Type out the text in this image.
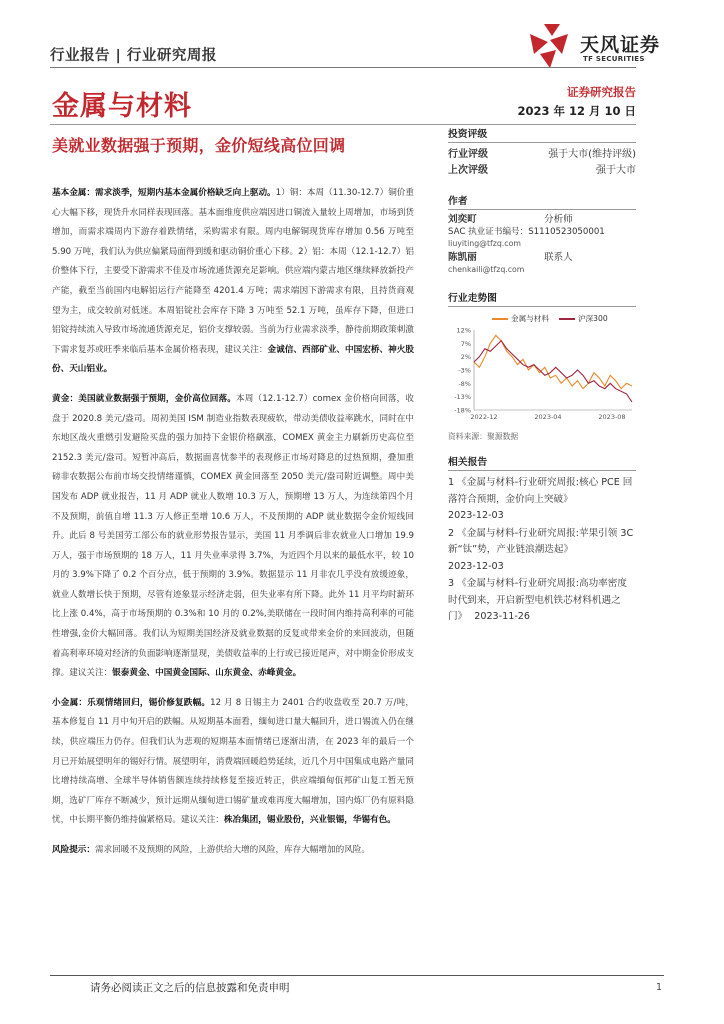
行业报告 | 行业研究周报	天风证券
TF SECURITIES
金属与材料	证券研究报告
2023 年 12 月 10 日
美就业数据强于预期，金价短线高位回调

基本金属：需求淡季，短期内基本金属价格缺乏向上驱动。1）铜：本周（11.30-12.7）铜价重心大幅下移，现货升水同样表现回落。基本面维度供应端因进口铜流入量较上周增加，市场到货增加，而需求端周内下游存着跌情绪，采购需求有限。周内电解铜现货库存增加 0.56 万吨至 5.90 万吨，我们认为供应偏紧局面得到缓和驱动铜价重心下移。2）铝：本周（12.1-12.7）铝价整体下行，主要受下游需求不佳及市场流通货源充足影响。供应端内蒙古地区继续释放新投产产能，截至当前国内电解铝运行产能降至 4201.4 万吨；需求端因下游需求有限，且持货商观望为主，成交较前对低迷。本周铝锭社会库存下降 3 万吨至 52.1 万吨，虽库存下降，但进口铝锭持续流入导致市场流通货源充足，铝价支撑较弱。当前为行业需求淡季，静待前期政策刺激下需求复苏或旺季来临后基本金属价格表现，建议关注：金诚信、西部矿业、中国宏桥、神火股份、天山铝业。

黄金：美国就业数据强于预期，金价高位回落。本周（12.1-12.7）comex 金价格向回落，收盘于 2020.8 美元/盎司。周初美国 ISM 制造业指数表现疲软，带动美债收益率跳水，同时在中东地区战火重燃引发避险买盘的强力加持下金银价格飙涨，COMEX 黄金主力刷新历史高位至 2152.3 美元/盎司。短暂冲高后，数据面喜忧参半的表现修正市场对降息的过热预期，叠加重磅非农数据公布前市场交投情绪谨慎，COMEX 黄金回落至 2050 美元/盎司附近调整。周中美国发布 ADP 就业报告，11 月 ADP 就业人数增 10.3 万人，预期增 13 万人，为连续第四个月不及预期，前值自增 11.3 万人修正至增 10.6 万人，不及预期的 ADP 就业数据令金价短线回升。此后 8 号美国劳工部公布的就业形势报告显示，美国 11 月季调后非农就业人口增加 19.9 万人，强于市场预期的 18 万人，11 月失业率录得 3.7%，为近四个月以来的最低水平，较 10 月的 3.9%下降了 0.2 个百分点，低于预期的 3.9%。数据显示 11 月非农几乎没有放缓迹象，就业人数增长快于预期，尽管有迹象显示经济走弱，但失业率有所下降。此外 11 月平均时薪环比上涨 0.4%，高于市场预期的 0.3%和 10 月的 0.2%,美联储在一段时间内维持高利率的可能性增强,金价大幅回落。我们认为短期美国经济及就业数据的反复或带来金价的来回波动，但随着高利率环境对经济的负面影响逐渐显现，美债收益率的上行或已接近尾声，对中期金价形成支撑。建议关注：银泰黄金、中国黄金国际、山东黄金、赤峰黄金。

小金属：乐观情绪回归，锡价修复跌幅。12 月 8 日锡主力 2401 合约收盘收至 20.7 万/吨，基本修复自 11 月中旬开启的跌幅。从短期基本面看，缅甸进口量大幅回升，进口锡流入仍在继续，供应端压力仍存。但我们认为悲观的短期基本面情绪已逐渐出清，在 2023 年的最后一个月已开始展望明年的锡好行情。展望明年，消费端回暖趋势延续，近几个月中国集成电路产量同比增持续高增、全球半导体销售额连续持续修复至接近转正，供应端缅甸佤邦矿山复工暂无预期，选矿厂库存不断减少，预计远期从缅甸进口锡矿量或难再度大幅增加，国内炼厂仍有原料隐忧，中长期平衡仍维持偏紧格局。建议关注：株冶集团，锡业股份，兴业银锡，华锡有色。

风险提示：需求回暖不及预期的风险，上游供给大增的风险，库存大幅增加的风险。

投资评级
行业评级	强于大市(维持评级)
上次评级	强于大市
作者
刘奕町	分析师
SAC 执业证书编号：S1110523050001
liuyiting@tfzq.com
陈凯丽	联系人
chenkaili@tfzq.com
行业走势图
金属与材料	沪深300
12%
7%
2%
-3%
-8%
-13%
-18%
2022-12	2023-04	2023-08
资料来源：聚源数据
相关报告
1 《金属与材料-行业研究周报:核心 PCE 回落符合预期，金价向上突破》
2023-12-03
2 《金属与材料-行业研究周报:苹果引领 3C 新“钛”势，产业链浪潮迭起》
2023-12-03
3 《金属与材料-行业研究周报:高功率密度时代到来，开启新型电机铁芯材料机遇之门》 2023-11-26
请务必阅读正文之后的信息披露和免责申明	1
